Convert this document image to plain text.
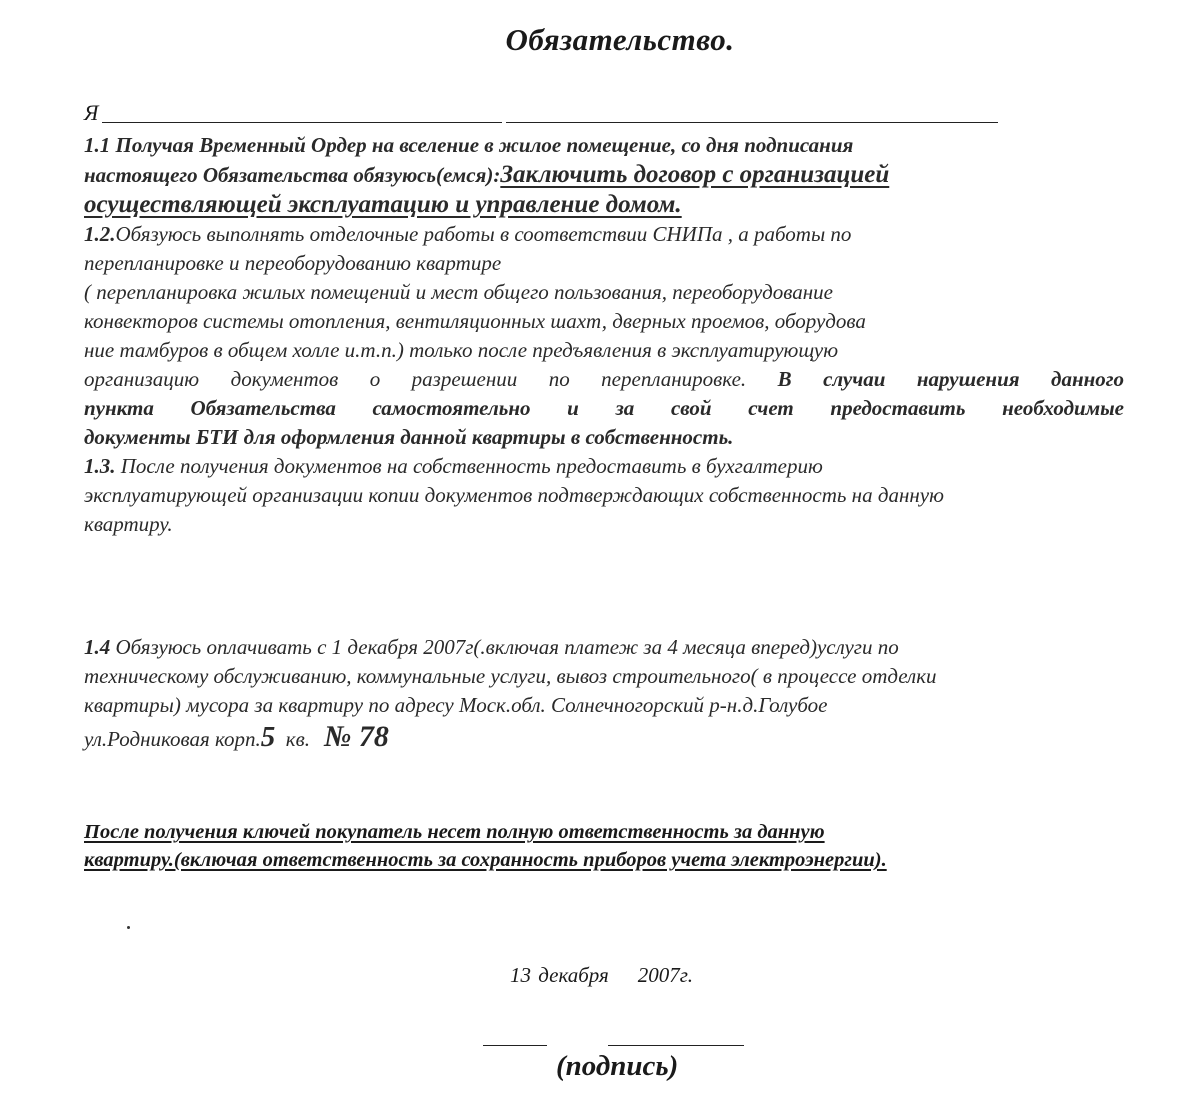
Обязательство.
Я
1.1 Получая Временный Ордер на вселение в жилое помещение, со дня подписания
настоящего Обязательства обязуюсь(емся):Заключить договор с организацией
осуществляющей эксплуатацию и управление домом.
1.2.Обязуюсь выполнять отделочные работы в соответствии СНИПа , а работы по
перепланировке и переоборудованию квартире
( перепланировка жилых помещений и мест общего пользования, переоборудование
конвекторов системы отопления, вентиляционных шахт, дверных проемов, оборудова
ние тамбуров в общем холле и.т.п.) только после предъявления в эксплуатирующую
организацию документов о разрешении по перепланировке. В случаи нарушения данного
пункта Обязательства самостоятельно и за свой счет предоставить необходимые
документы БТИ для оформления данной квартиры в собственность.
1.3. После получения документов на собственность предоставить в бухгалтерию
эксплуатирующей организации копии документов подтверждающих собственность на данную
квартиру.
1.4 Обязуюсь оплачивать с 1 декабря 2007г(.включая платеж за 4 месяца вперед)услуги по
техническому обслуживанию, коммунальные услуги, вывоз строительного( в процессе отделки
квартиры) мусора за квартиру по адресу Моск.обл. Солнечногорский р-н.д.Голубое
ул.Родниковая корп.5 кв. № 78
После получения ключей покупатель несет полную ответственность за данную
квартиру.(включая ответственность за сохранность приборов учета электроэнергии).
13 декабря    2007г.
(подпись)
